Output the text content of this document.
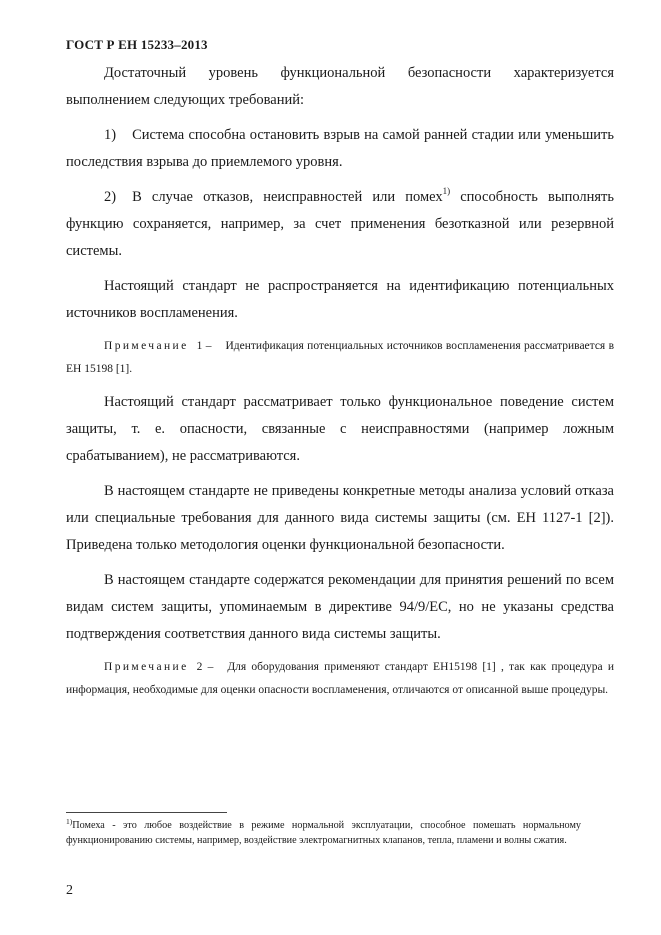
ГОСТ Р ЕН 15233–2013

Достаточный уровень функциональной безопасности характеризуется выполнением следующих требований:

1) Система способна остановить взрыв на самой ранней стадии или уменьшить последствия взрыва до приемлемого уровня.

2) В случае отказов, неисправностей или помех$^{1)}$ способность выполнять функцию сохраняется, например, за счет применения безотказной или резервной системы.

Настоящий стандарт не распространяется на идентификацию потенциальных источников воспламенения.

Примечание 1 – Идентификация потенциальных источников воспламенения рассматривается в ЕН 15198 [1].

Настоящий стандарт рассматривает только функциональное поведение систем защиты, т. е. опасности, связанные с неисправностями (например ложным срабатыванием), не рассматриваются.

В настоящем стандарте не приведены конкретные методы анализа условий отказа или специальные требования для данного вида системы защиты (см. ЕН 1127-1 [2]). Приведена только методология оценки функциональной безопасности.

В настоящем стандарте содержатся рекомендации для принятия решений по всем видам систем защиты, упоминаемым в директиве 94/9/ЕС, но не указаны средства подтверждения соответствия данного вида системы защиты.

Примечание 2 – Для оборудования применяют стандарт ЕН15198 [1] , так как процедура и информация, необходимые для оценки опасности воспламенения, отличаются от описанной выше процедуры.

$^{1)}$Помеха - это любое воздействие в режиме нормальной эксплуатации, способное помешать нормальному функционированию системы, например, воздействие электромагнитных клапанов, тепла, пламени и волны сжатия.
2
